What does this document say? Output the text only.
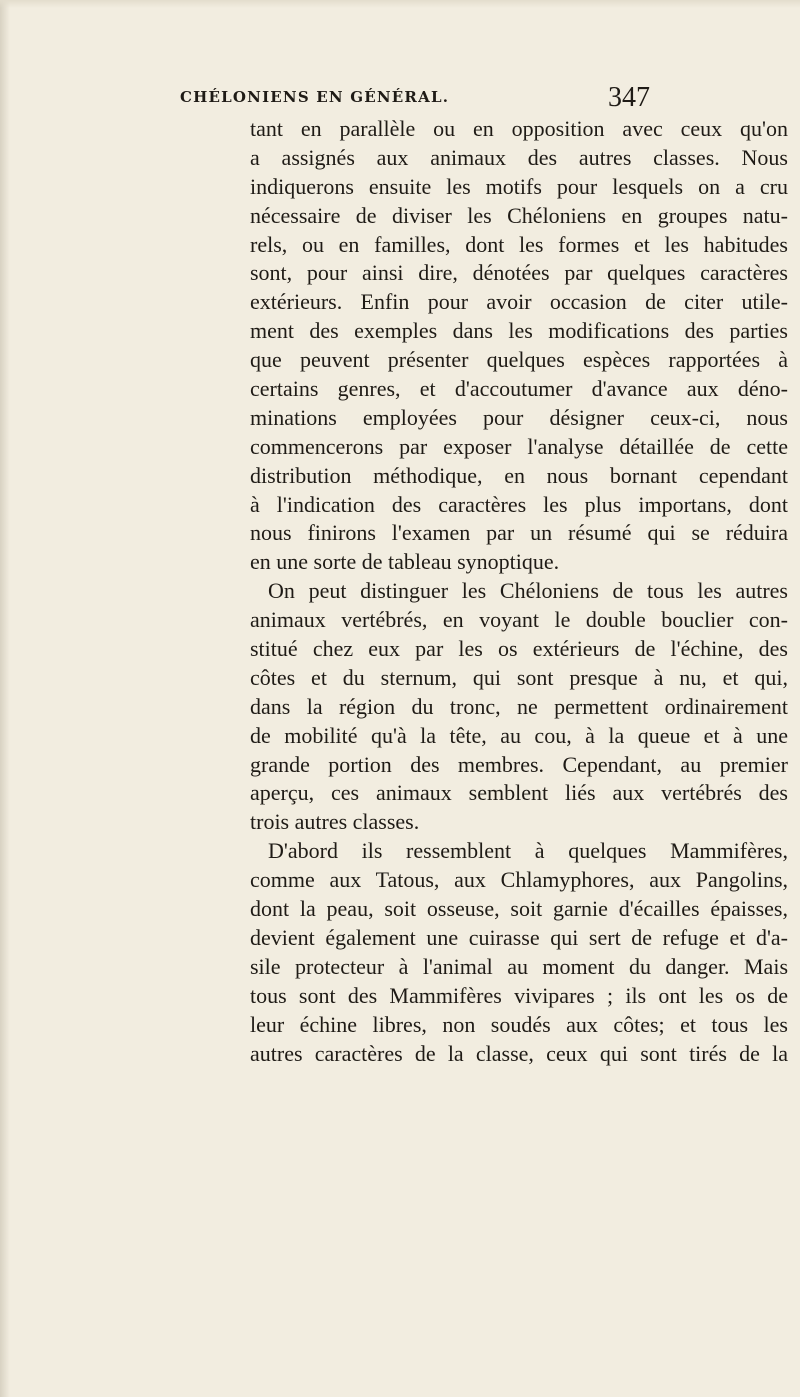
CHÉLONIENS EN GÉNÉRAL.	347
tant en parallèle ou en opposition avec ceux qu'on
a assignés aux animaux des autres classes. Nous
indiquerons ensuite les motifs pour lesquels on a cru
nécessaire de diviser les Chéloniens en groupes natu-
rels, ou en familles, dont les formes et les habitudes
sont, pour ainsi dire, dénotées par quelques caractères
extérieurs. Enfin pour avoir occasion de citer utile-
ment des exemples dans les modifications des parties
que peuvent présenter quelques espèces rapportées à
certains genres, et d'accoutumer d'avance aux déno-
minations employées pour désigner ceux-ci, nous
commencerons par exposer l'analyse détaillée de cette
distribution méthodique, en nous bornant cependant
à l'indication des caractères les plus importans, dont
nous finirons l'examen par un résumé qui se réduira
en une sorte de tableau synoptique.
On peut distinguer les Chéloniens de tous les autres
animaux vertébrés, en voyant le double bouclier con-
stitué chez eux par les os extérieurs de l'échine, des
côtes et du sternum, qui sont presque à nu, et qui,
dans la région du tronc, ne permettent ordinairement
de mobilité qu'à la tête, au cou, à la queue et à une
grande portion des membres. Cependant, au premier
aperçu, ces animaux semblent liés aux vertébrés des
trois autres classes.
D'abord ils ressemblent à quelques Mammifères,
comme aux Tatous, aux Chlamyphores, aux Pangolins,
dont la peau, soit osseuse, soit garnie d'écailles épaisses,
devient également une cuirasse qui sert de refuge et d'a-
sile protecteur à l'animal au moment du danger. Mais
tous sont des Mammifères vivipares ; ils ont les os de
leur échine libres, non soudés aux côtes; et tous les
autres caractères de la classe, ceux qui sont tirés de la
